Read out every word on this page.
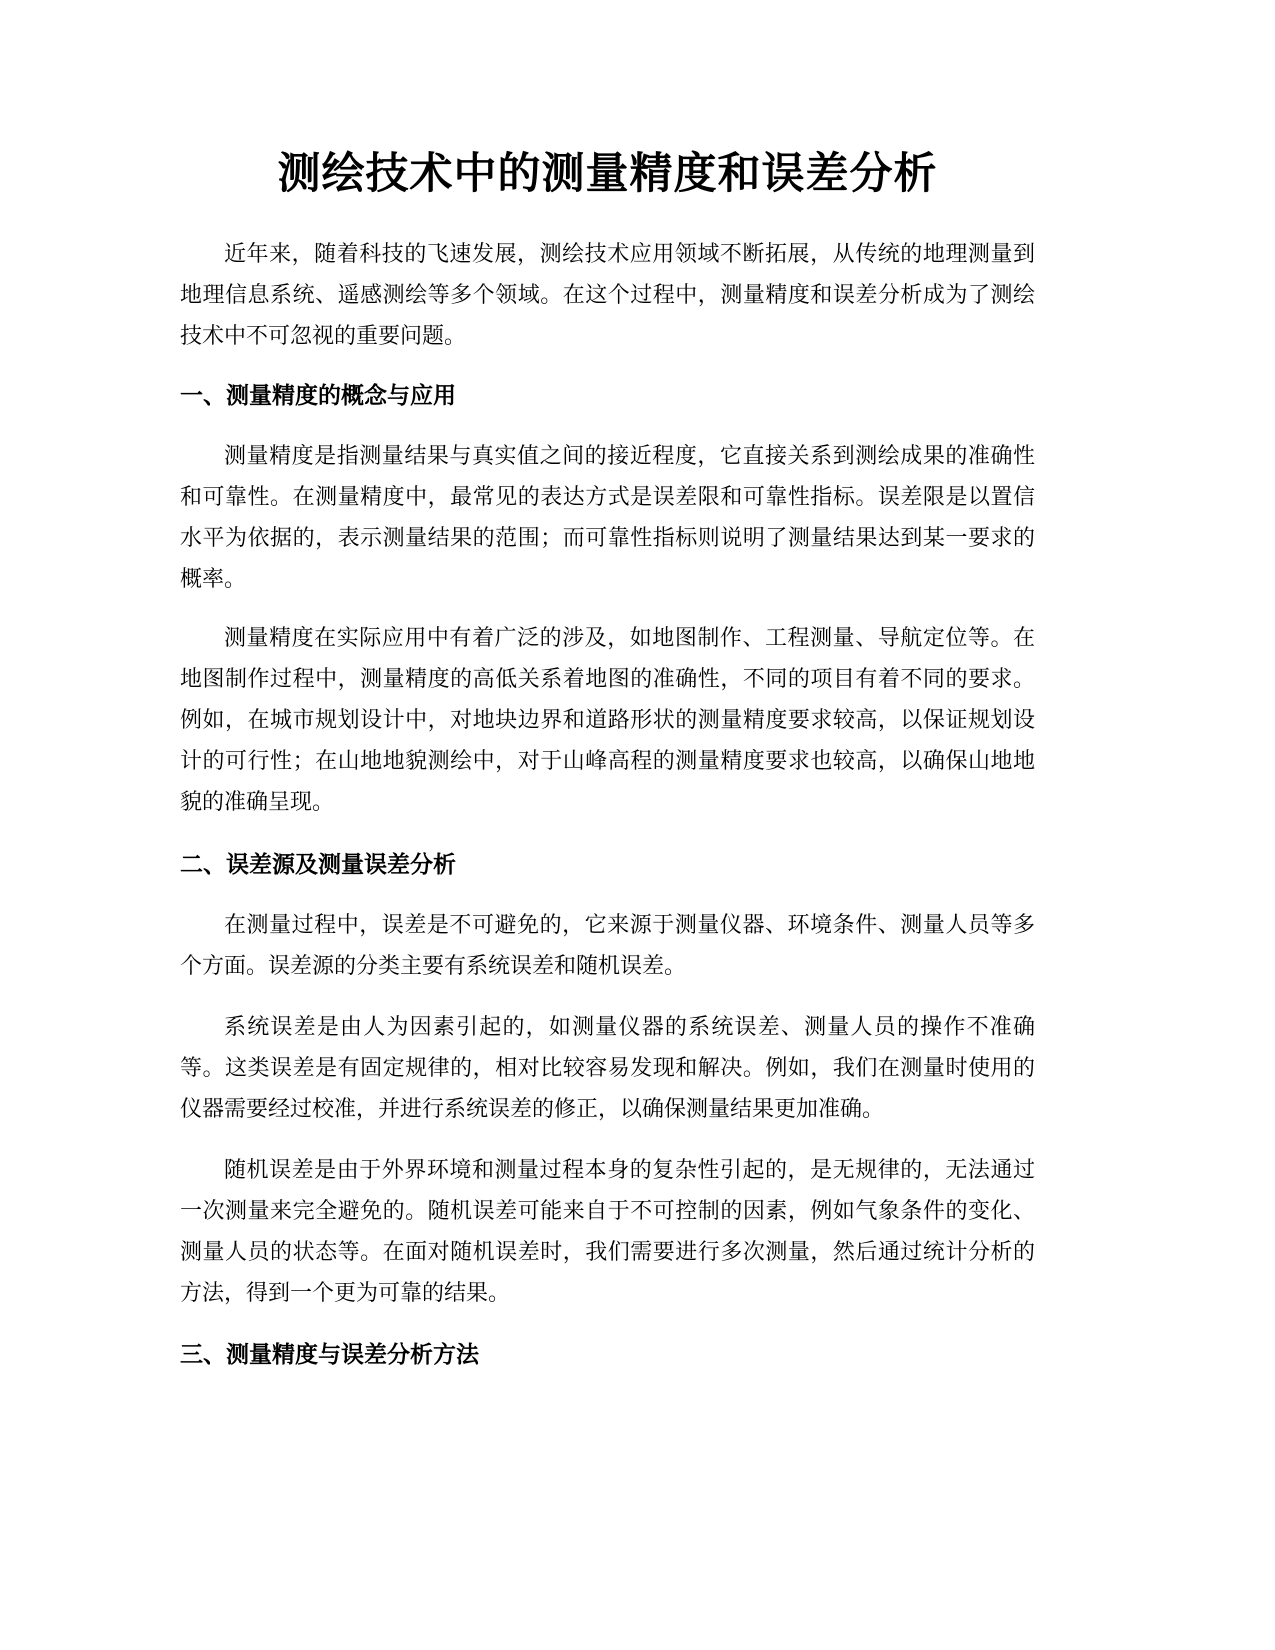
测绘技术中的测量精度和误差分析

近年来，随着科技的飞速发展，测绘技术应用领域不断拓展，从传统的地理测量到地理信息系统、遥感测绘等多个领域。在这个过程中，测量精度和误差分析成为了测绘技术中不可忽视的重要问题。

一、测量精度的概念与应用

测量精度是指测量结果与真实值之间的接近程度，它直接关系到测绘成果的准确性和可靠性。在测量精度中，最常见的表达方式是误差限和可靠性指标。误差限是以置信水平为依据的，表示测量结果的范围；而可靠性指标则说明了测量结果达到某一要求的概率。

测量精度在实际应用中有着广泛的涉及，如地图制作、工程测量、导航定位等。在地图制作过程中，测量精度的高低关系着地图的准确性，不同的项目有着不同的要求。例如，在城市规划设计中，对地块边界和道路形状的测量精度要求较高，以保证规划设计的可行性；在山地地貌测绘中，对于山峰高程的测量精度要求也较高，以确保山地地貌的准确呈现。

二、误差源及测量误差分析

在测量过程中，误差是不可避免的，它来源于测量仪器、环境条件、测量人员等多个方面。误差源的分类主要有系统误差和随机误差。

系统误差是由人为因素引起的，如测量仪器的系统误差、测量人员的操作不准确等。这类误差是有固定规律的，相对比较容易发现和解决。例如，我们在测量时使用的仪器需要经过校准，并进行系统误差的修正，以确保测量结果更加准确。

随机误差是由于外界环境和测量过程本身的复杂性引起的，是无规律的，无法通过一次测量来完全避免的。随机误差可能来自于不可控制的因素，例如气象条件的变化、测量人员的状态等。在面对随机误差时，我们需要进行多次测量，然后通过统计分析的方法，得到一个更为可靠的结果。

三、测量精度与误差分析方法
